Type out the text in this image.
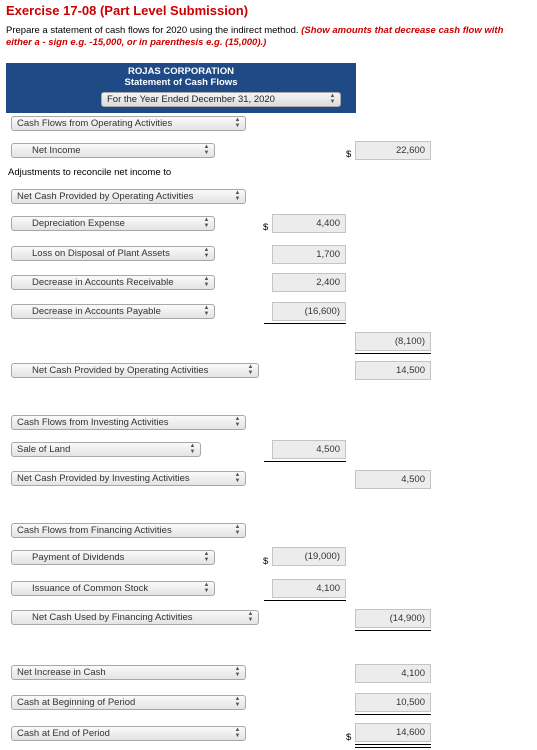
Exercise 17-08 (Part Level Submission)
Prepare a statement of cash flows for 2020 using the indirect method. (Show amounts that decrease cash flow with either a - sign e.g. -15,000, or in parenthesis e.g. (15,000).)
ROJAS CORPORATION
Statement of Cash Flows
For the Year Ended December 31, 2020	▲
▼
Cash Flows from Operating Activities	▲
▼
Net Income	▲
▼	$	22,600
Adjustments to reconcile net income to
Net Cash Provided by Operating Activities	▲
▼
Depreciation Expense	▲
▼	$	4,400
Loss on Disposal of Plant Assets	▲
▼	1,700
Decrease in Accounts Receivable	▲
▼	2,400
Decrease in Accounts Payable	▲
▼	(16,600)
(8,100)
Net Cash Provided by Operating Activities	▲
▼	14,500
Cash Flows from Investing Activities	▲
▼
Sale of Land	▲
▼	4,500
Net Cash Provided by Investing Activities	▲
▼	4,500
Cash Flows from Financing Activities	▲
▼
Payment of Dividends	▲
▼	$	(19,000)
Issuance of Common Stock	▲
▼	4,100
Net Cash Used by Financing Activities	▲
▼	(14,900)
Net Increase in Cash	▲
▼	4,100
Cash at Beginning of Period	▲
▼	10,500
Cash at End of Period	▲
▼	$	14,600
